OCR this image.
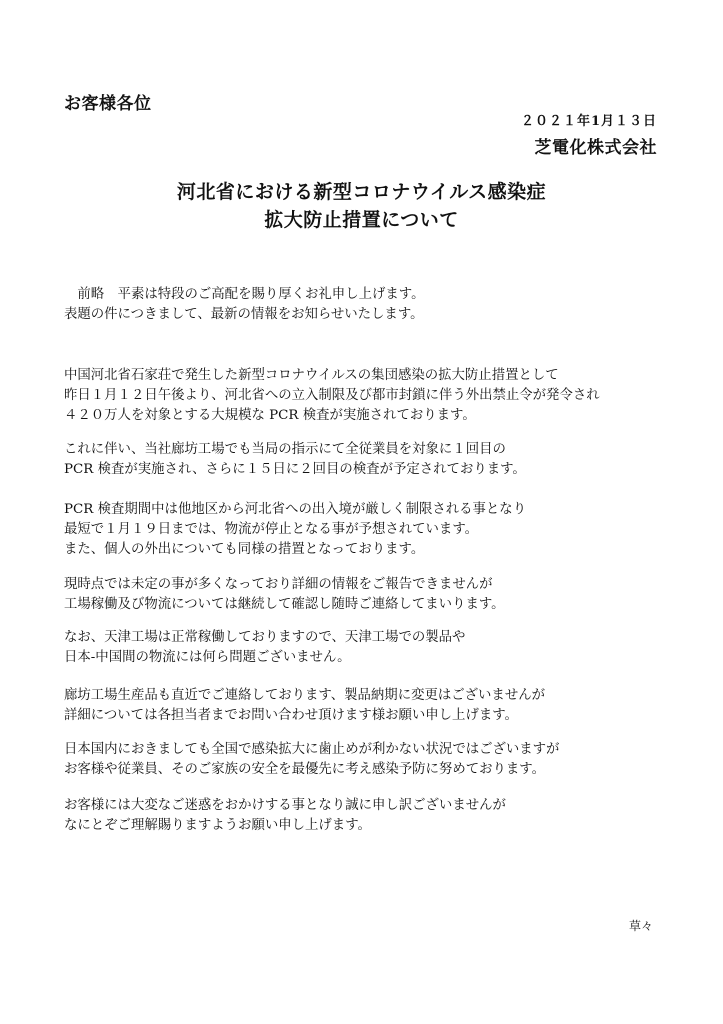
お客様各位
２０２１年1月１３日
芝電化株式会社
河北省における新型コロナウイルス感染症
拡大防止措置について

　前略　平素は特段のご高配を賜り厚くお礼申し上げます。

表題の件につきまして、最新の情報をお知らせいたします。

中国河北省石家荘で発生した新型コロナウイルスの集団感染の拡大防止措置として

昨日１月１２日午後より、河北省への立入制限及び都市封鎖に伴う外出禁止令が発令され

４２０万人を対象とする大規模な PCR 検査が実施されております。

これに伴い、当社廊坊工場でも当局の指示にて全従業員を対象に１回目の

PCR 検査が実施され、さらに１５日に２回目の検査が予定されております。

PCR 検査期間中は他地区から河北省への出入境が厳しく制限される事となり

最短で１月１９日までは、物流が停止となる事が予想されています。

また、個人の外出についても同様の措置となっております。

現時点では未定の事が多くなっており詳細の情報をご報告できませんが

工場稼働及び物流については継続して確認し随時ご連絡してまいります。

なお、天津工場は正常稼働しておりますので、天津工場での製品や

日本-中国間の物流には何ら問題ございません。

廊坊工場生産品も直近でご連絡しております、製品納期に変更はございませんが

詳細については各担当者までお問い合わせ頂けます様お願い申し上げます。

日本国内におきましても全国で感染拡大に歯止めが利かない状況ではございますが

お客様や従業員、そのご家族の安全を最優先に考え感染予防に努めております。

お客様には大変なご迷惑をおかけする事となり誠に申し訳ございませんが

なにとぞご理解賜りますようお願い申し上げます。

草々
